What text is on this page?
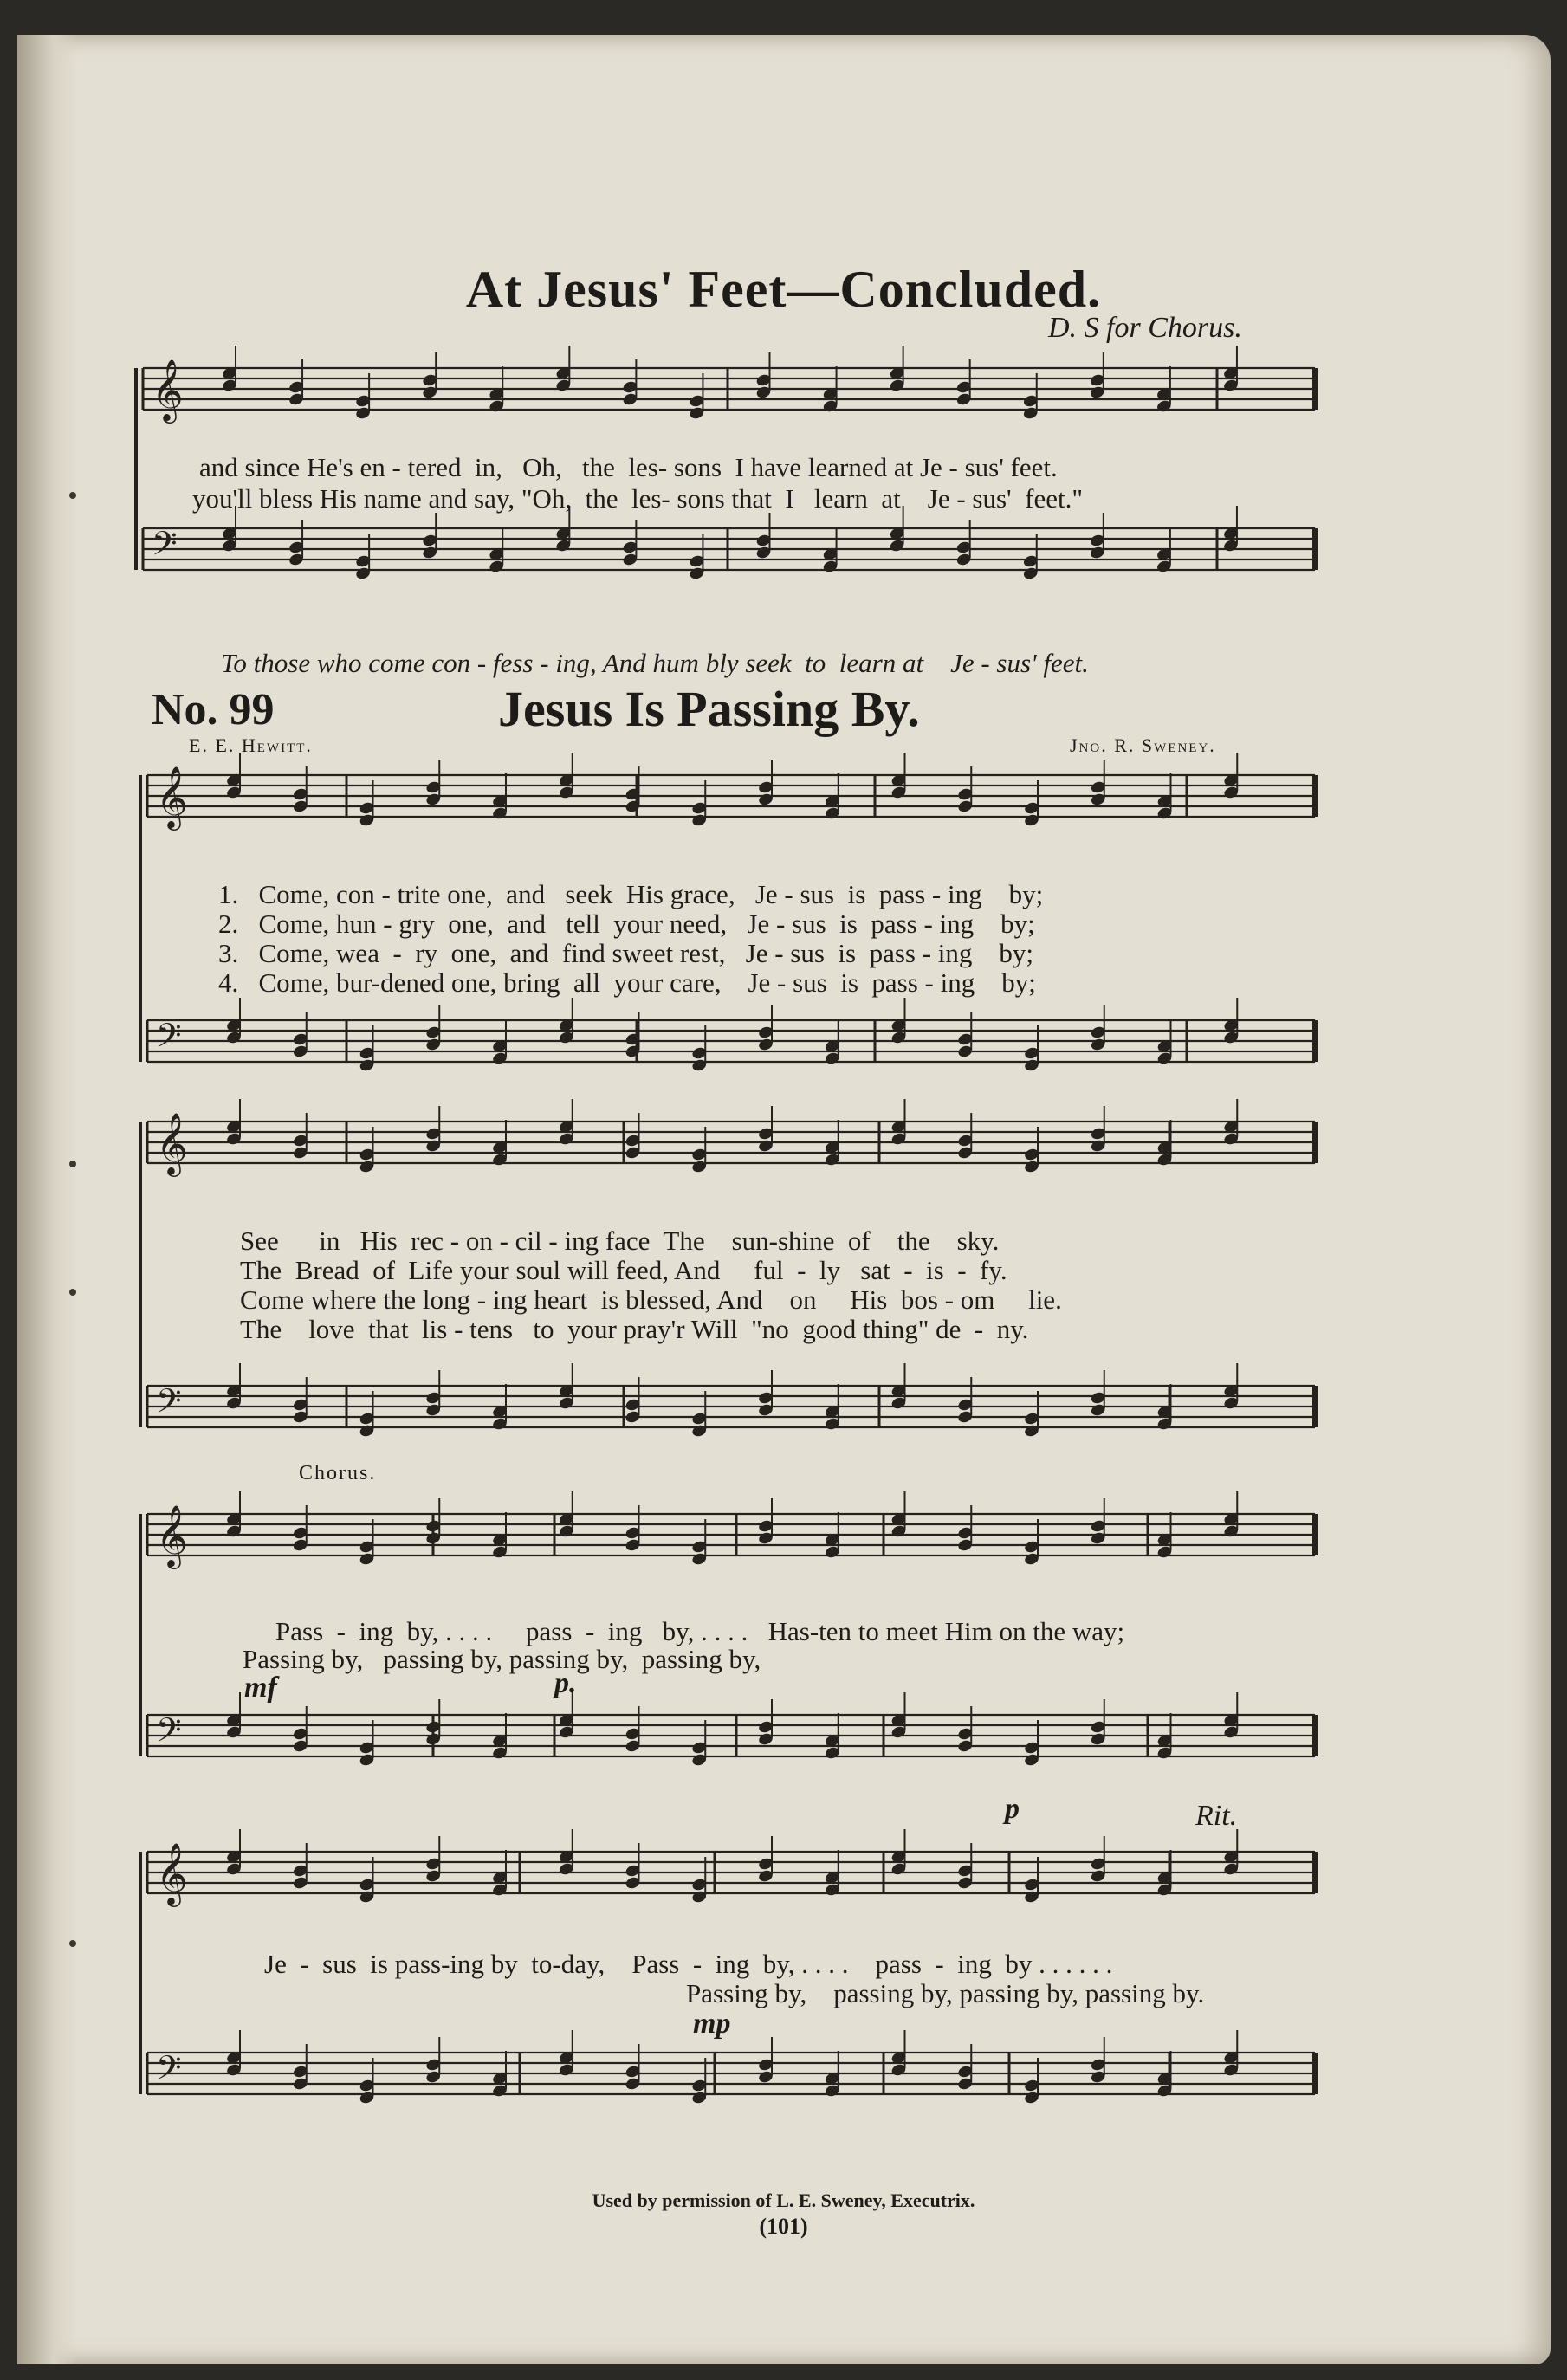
𝄞
𝄢
𝄞
𝄢
𝄞
𝄢
𝄞
𝄢
𝄞
𝄢
At Jesus' Feet—Concluded.
D. S for Chorus.
and since He's en - tered  in,   Oh,   the  les- sons  I have learned at Je - sus' feet.
you'll bless His name and say, "Oh,  the  les- sons that  I   learn  at    Je - sus'  feet."
To those who come con - fess - ing, And hum bly seek  to  learn at    Je - sus' feet.
No. 99	Jesus Is Passing By.
E. E. Hewitt.	Jno. R. Sweney.
1.   Come, con - trite one,  and   seek  His grace,   Je - sus  is  pass - ing    by;
2.   Come, hun - gry  one,  and   tell  your need,   Je - sus  is  pass - ing    by;
3.   Come, wea  -  ry  one,  and  find sweet rest,   Je - sus  is  pass - ing    by;
4.   Come, bur-dened one, bring  all  your care,    Je - sus  is  pass - ing    by;
See      in   His  rec - on - cil - ing face  The    sun-shine  of    the    sky.
The  Bread  of  Life your soul will feed, And     ful  -  ly   sat  -  is  -  fy.
Come where the long - ing heart  is blessed, And    on     His  bos - om     lie.
The    love  that  lis - tens   to  your pray'r Will  "no  good thing" de  -  ny.
Chorus.
Pass  -  ing  by, . . . .     pass  -  ing   by, . . . .   Has-ten to meet Him on the way;
Passing by,   passing by, passing by,  passing by,
Je  -  sus  is pass-ing by  to-day,    Pass  -  ing  by, . . . .    pass  -  ing  by . . . . . .
Passing by,    passing by, passing by, passing by.
mf	p.
p	Rit.
mp
Used by permission of L. E. Sweney, Executrix.
(101)
